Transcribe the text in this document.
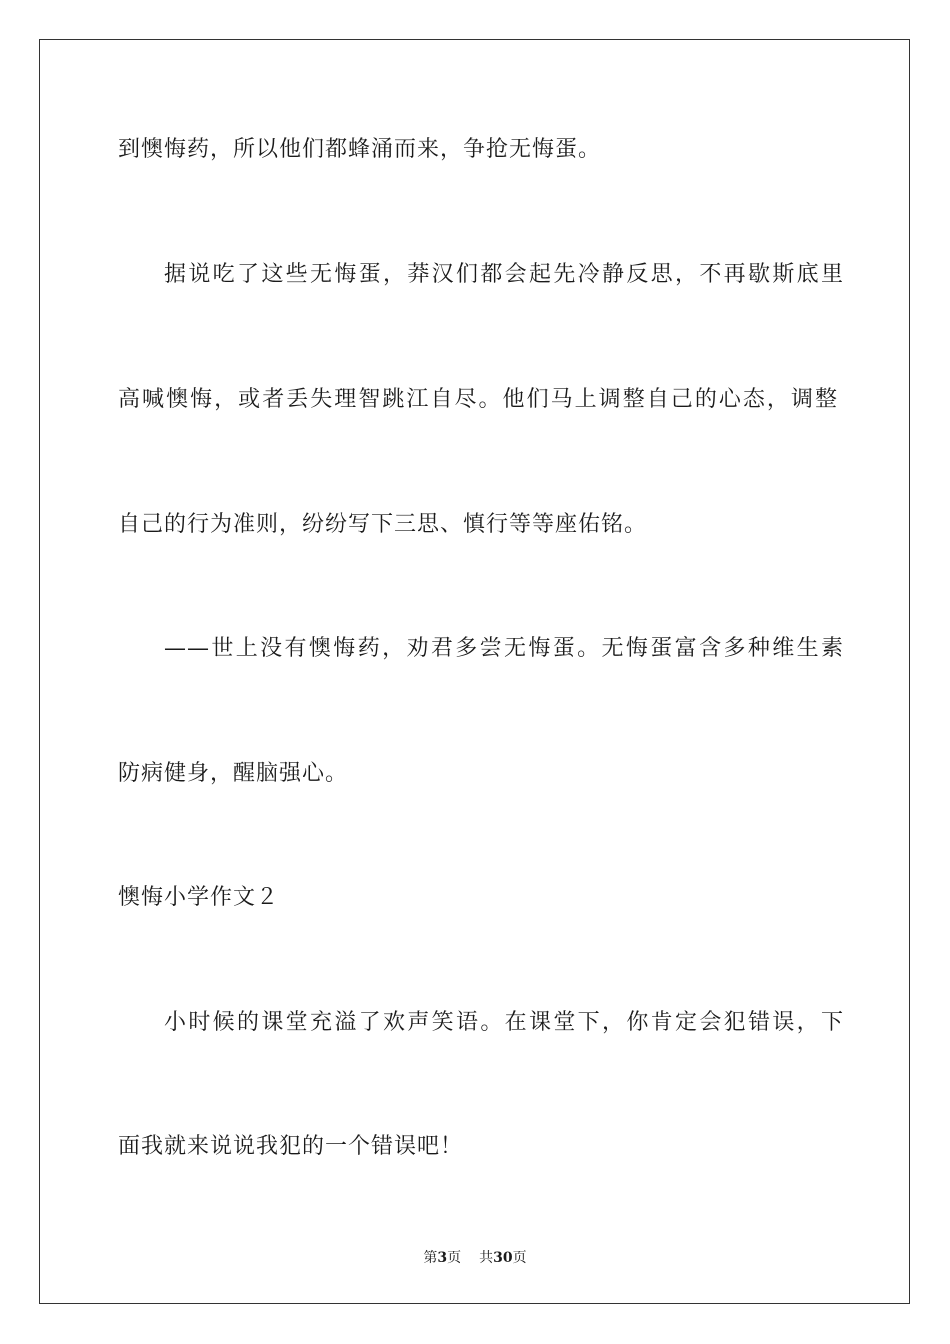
到懊悔药，所以他们都蜂涌而来，争抢无悔蛋。
据说吃了这些无悔蛋，莽汉们都会起先冷静反思，不再歇斯底里
高喊懊悔，或者丢失理智跳江自尽。他们马上调整自己的心态，调整
自己的行为准则，纷纷写下三思、慎行等等座佑铭。
——世上没有懊悔药，劝君多尝无悔蛋。无悔蛋富含多种维生素
防病健身，醒脑强心。
懊悔小学作文２
小时候的课堂充溢了欢声笑语。在课堂下，你肯定会犯错误，下
面我就来说说我犯的一个错误吧！
第3页 共30页
